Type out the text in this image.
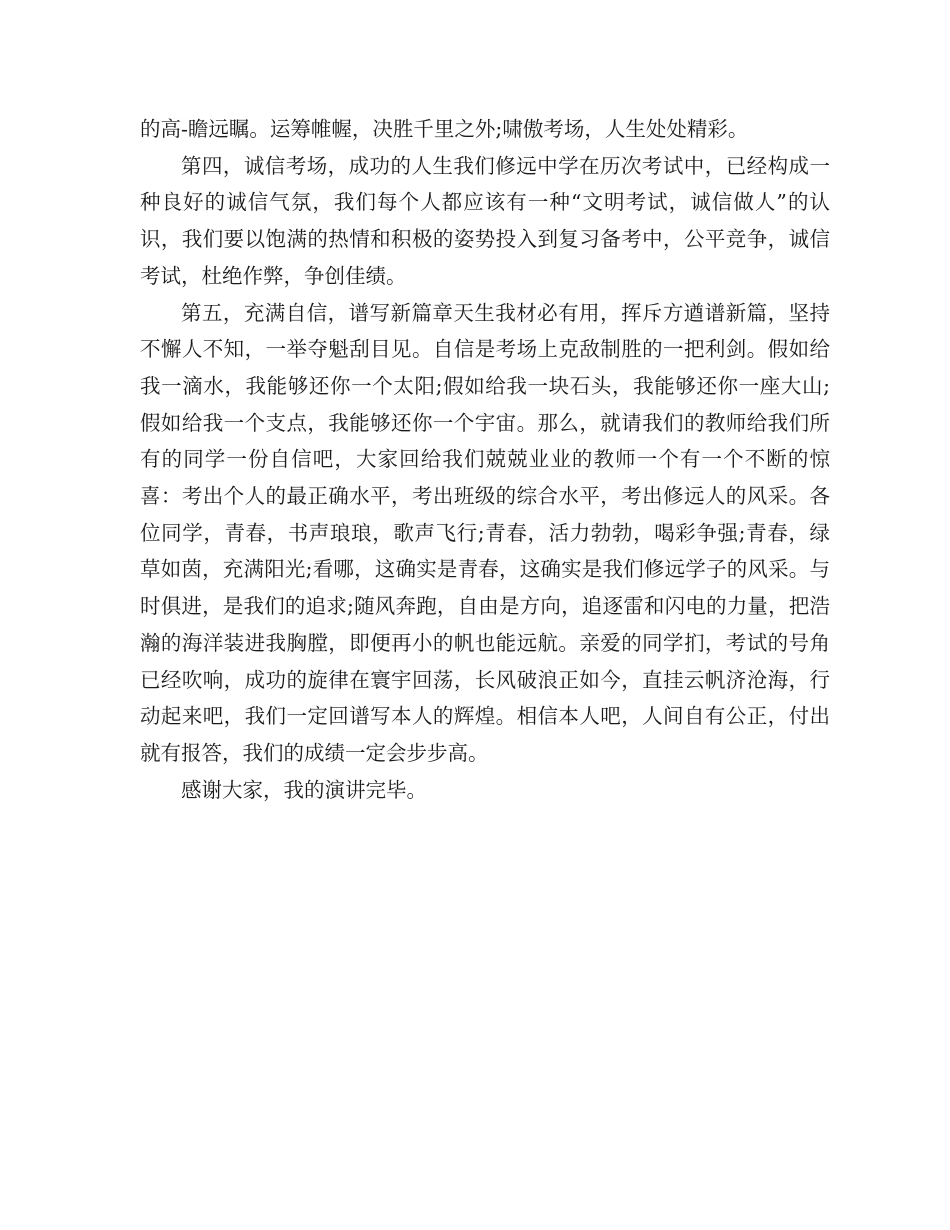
的高-瞻远瞩。运筹帷幄，决胜千里之外;啸傲考场，人生处处精彩。

第四，诚信考场，成功的人生我们修远中学在历次考试中，已经构成一种良好的诚信气氛，我们每个人都应该有一种“文明考试，诚信做人”的认识，我们要以饱满的热情和积极的姿势投入到复习备考中，公平竞争，诚信考试，杜绝作弊，争创佳绩。

第五，充满自信，谱写新篇章天生我材必有用，挥斥方遒谱新篇，坚持不懈人不知，一举夺魁刮目见。自信是考场上克敌制胜的一把利剑。假如给我一滴水，我能够还你一个太阳;假如给我一块石头，我能够还你一座大山;假如给我一个支点，我能够还你一个宇宙。那么，就请我们的教师给我们所有的同学一份自信吧，大家回给我们兢兢业业的教师一个有一个不断的惊喜：考出个人的最正确水平，考出班级的综合水平，考出修远人的风采。各位同学，青春，书声琅琅，歌声飞行;青春，活力勃勃，喝彩争强;青春，绿草如茵，充满阳光;看哪，这确实是青春，这确实是我们修远学子的风采。与时俱进，是我们的追求;随风奔跑，自由是方向，追逐雷和闪电的力量，把浩瀚的海洋装进我胸膛，即便再小的帆也能远航。亲爱的同学扪，考试的号角已经吹响，成功的旋律在寰宇回荡，长风破浪正如今，直挂云帆济沧海，行动起来吧，我们一定回谱写本人的辉煌。相信本人吧，人间自有公正，付出就有报答，我们的成绩一定会步步高。

感谢大家，我的演讲完毕。
